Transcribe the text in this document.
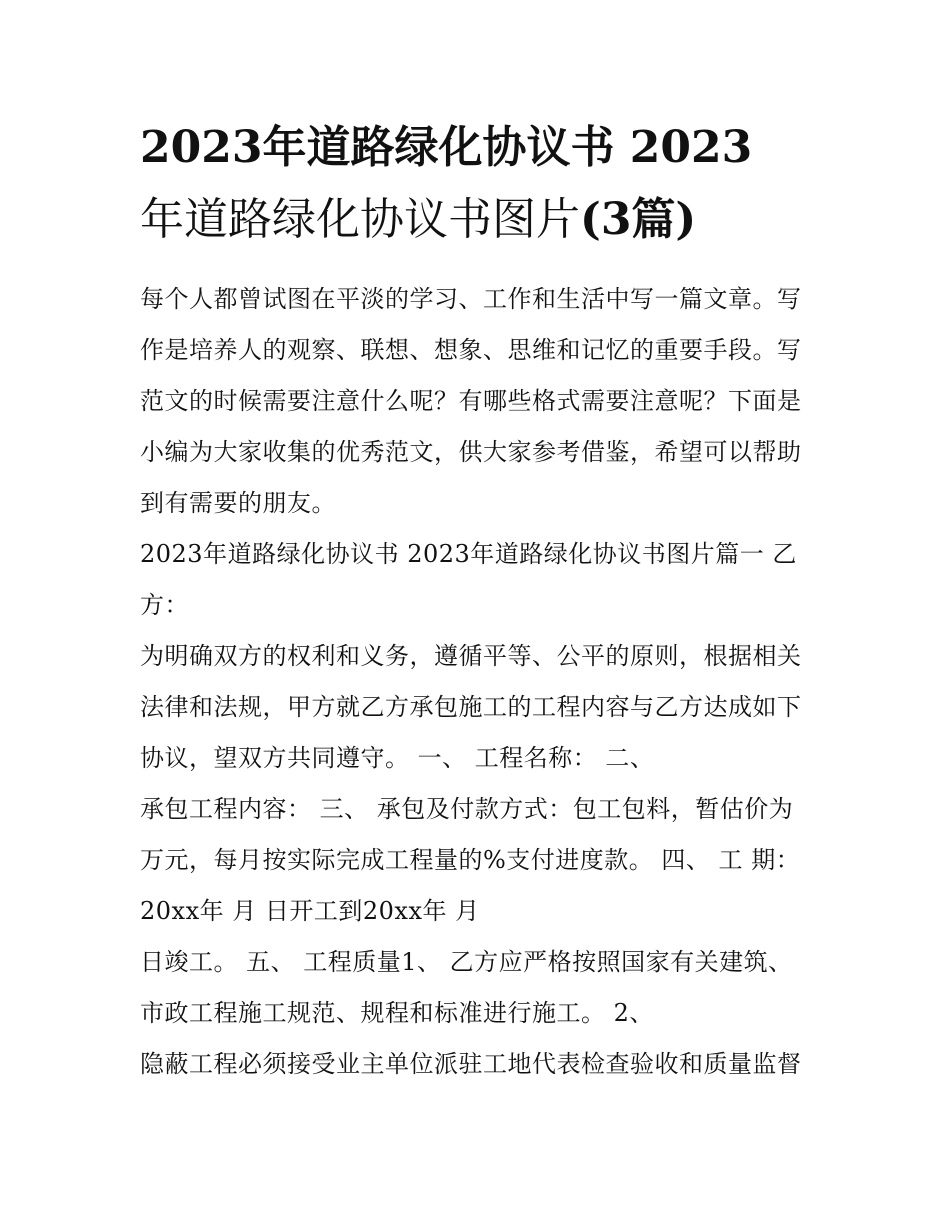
2023年道路绿化协议书 2023
年道路绿化协议书图片(3篇)

每个人都曾试图在平淡的学习、工作和生活中写一篇文章。写
作是培养人的观察、联想、想象、思维和记忆的重要手段。写
范文的时候需要注意什么呢？有哪些格式需要注意呢？下面是
小编为大家收集的优秀范文，供大家参考借鉴，希望可以帮助
到有需要的朋友。

2023年道路绿化协议书 2023年道路绿化协议书图片篇一 乙
方：

为明确双方的权利和义务，遵循平等、公平的原则，根据相关
法律和法规，甲方就乙方承包施工的工程内容与乙方达成如下
协议，望双方共同遵守。 一、 工程名称： 二、
承包工程内容： 三、 承包及付款方式：包工包料，暂估价为
万元，每月按实际完成工程量的%支付进度款。 四、 工 期：
20xx年 月 日开工到20xx年 月
日竣工。 五、 工程质量1、 乙方应严格按照国家有关建筑、
市政工程施工规范、规程和标准进行施工。 2、
隐蔽工程必须接受业主单位派驻工地代表检查验收和质量监督
